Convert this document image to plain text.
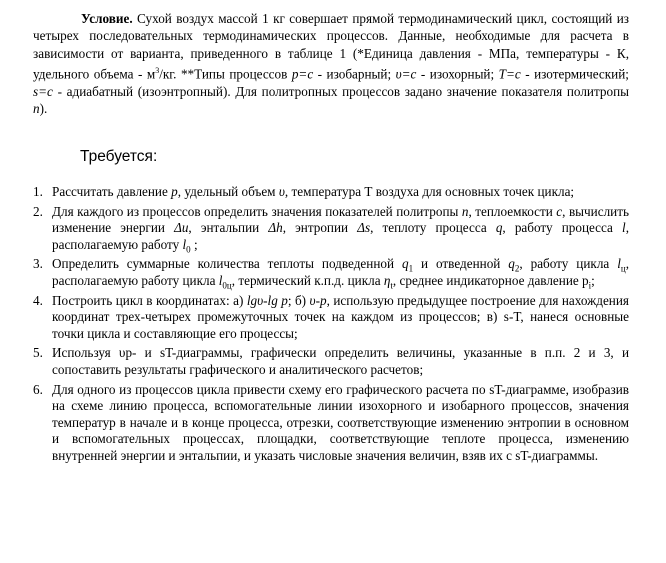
Условие. Сухой воздух массой 1 кг совершает прямой термодинамический цикл, состоящий из четырех последовательных термодинамических процессов. Данные, необходимые для расчета в зависимости от варианта, приведенного в таблице 1 (*Единица давления - МПа, температуры - К, удельного объема - $м^3/кг$. **Типы процессов p=c - изобарный; υ=c - изохорный; T=c - изотермический; s=c - адиабатный (изоэнтропный). Для политропных процессов задано значение показателя политропы n).

Требуется:
1. Рассчитать давление p, удельный объем υ, температура Т воздуха для основных точек цикла;
2. Для каждого из процессов определить значения показателей политропы n, теплоемкости c, вычислить изменение энергии Δu, энтальпии Δh, энтропии Δs, теплоту процесса q, работу процесса l, располагаемую работу $l_0$ ;
3. Определить суммарные количества теплоты подведенной $q_1$ и отведенной $q_2$, работу цикла $l_ц$, располагаемую работу цикла $l_{0ц}$, термический к.п.д. цикла $\eta_t$, среднее индикаторное давление $p_i$;
4. Построить цикл в координатах: а) lgυ-lg p; б) υ-p, использую предыдущее построение для нахождения координат трех-четырех промежуточных точек на каждом из процессов; в) s-T, нанеся основные точки цикла и составляющие его процессы;
5. Используя υp- и sT-диаграммы, графически определить величины, указанные в п.п. 2 и 3, и сопоставить результаты графического и аналитического расчетов;
6. Для одного из процессов цикла привести схему его графического расчета по sT-диаграмме, изобразив на схеме линию процесса, вспомогательные линии изохорного и изобарного процессов, значения температур в начале и в конце процесса, отрезки, соответствующие изменению энтропии в основном и вспомогательных процессах, площадки, соответствующие теплоте процесса, изменению внутренней энергии и энтальпии, и указать числовые значения величин, взяв их с sT-диаграммы.
